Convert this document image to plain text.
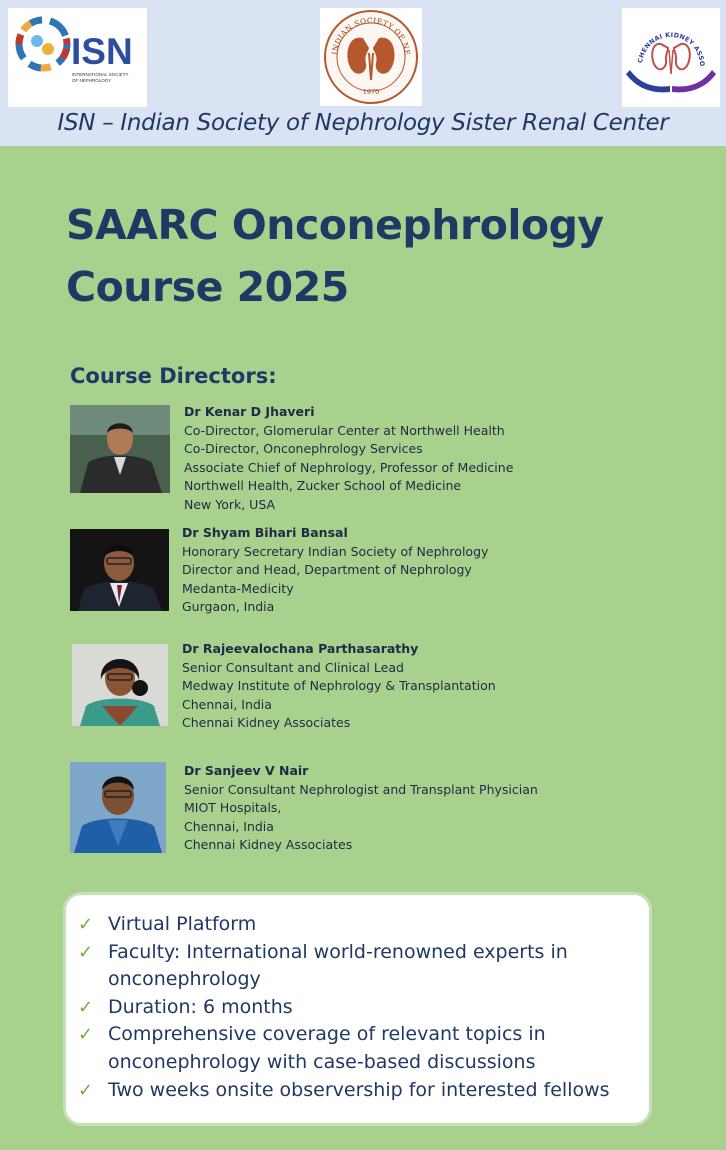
ISN
INTERNATIONAL SOCIETY
OF NEPHROLOGY
INDIAN SOCIETY OF NE
1970
CHENNAI KIDNEY ASSO
ISN – Indian Society of Nephrology Sister Renal Center
SAARC Onconephrology
Course 2025
Course Directors:
Dr Kenar D Jhaveri
Co-Director, Glomerular Center at Northwell Health
Co-Director, Onconephrology Services
Associate Chief of Nephrology, Professor of Medicine
Northwell Health, Zucker School of Medicine
New York, USA
Dr Shyam Bihari Bansal
Honorary Secretary Indian Society of Nephrology
Director and Head, Department of Nephrology
Medanta-Medicity
Gurgaon, India
Dr Rajeevalochana Parthasarathy
Senior Consultant and Clinical Lead
Medway Institute of Nephrology & Transplantation
Chennai, India
Chennai Kidney Associates
Dr Sanjeev V Nair
Senior Consultant Nephrologist and Transplant Physician
MIOT Hospitals,
Chennai, India
Chennai Kidney Associates
✓ Virtual Platform
✓ Faculty: International world-renowned experts in onconephrology
✓ Duration: 6 months
✓ Comprehensive coverage of relevant topics in onconephrology with case-based discussions
✓ Two weeks onsite observership for interested fellows
